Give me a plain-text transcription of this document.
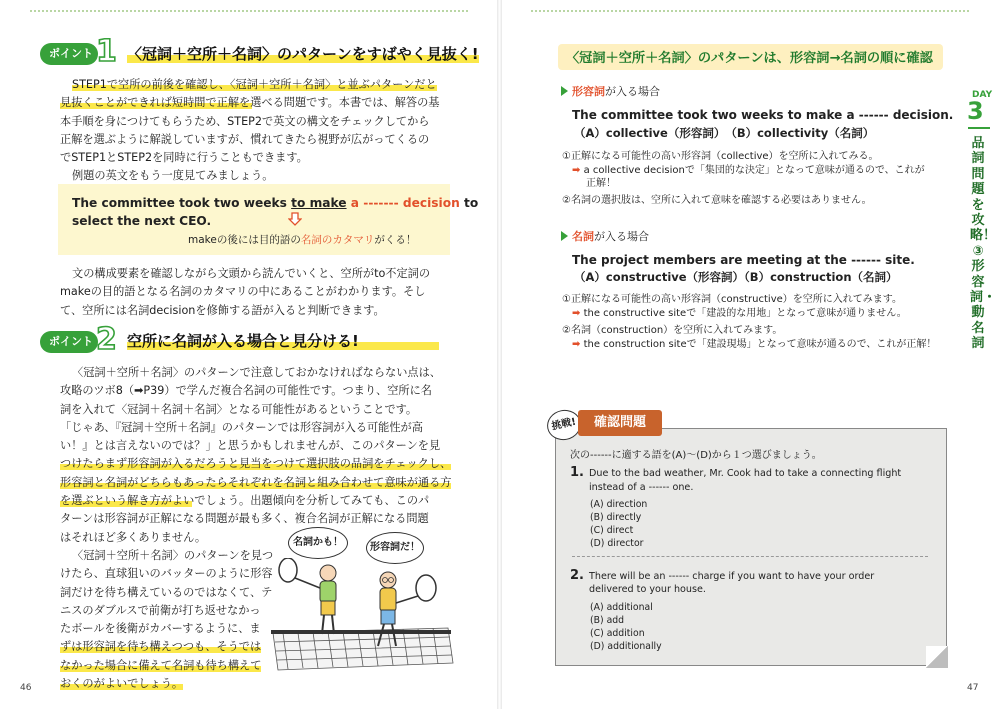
ポイント 1 〈冠詞＋空所＋名詞〉のパターンをすばやく見抜く!

STEP1で空所の前後を確認し、〈冠詞＋空所＋名詞〉と並ぶパターンだと

見抜くことができれば短時間で正解を選べる問題です。本書では、解答の基

本手順を身につけてもらうため、STEP2で英文の構文をチェックしてから

正解を選ぶように解説していますが、慣れてきたら視野が広がってくるの

でSTEP1とSTEP2を同時に行うこともできます。

例題の英文をもう一度見てみましょう。

The committee took two weeks to make a ------- decision to
select the next CEO.
makeの後には目的語の名詞のカタマリがくる！

文の構成要素を確認しながら文頭から読んでいくと、空所がto不定詞の

makeの目的語となる名詞のカタマリの中にあることがわかります。そし

て、空所には名詞decisionを修飾する語が入ると判断できます。

ポイント 2 空所に名詞が入る場合と見分ける!

〈冠詞＋空所＋名詞〉のパターンで注意しておかなければならない点は、

攻略のツボ8（➡P39）で学んだ複合名詞の可能性です。つまり、空所に名

詞を入れて〈冠詞＋名詞＋名詞〉となる可能性があるということです。

「じゃあ、『冠詞＋空所＋名詞』のパターンでは形容詞が入る可能性が高

い！』とは言えないのでは？」と思うかもしれませんが、このパターンを見

つけたらまず形容詞が入るだろうと見当をつけて選択肢の品詞をチェックし、

形容詞と名詞がどちらもあったらそれぞれを名詞と組み合わせて意味が通る方

を選ぶという解き方がよいでしょう。出題傾向を分析してみても、このパ

ターンは形容詞が正解になる問題が最も多く、複合名詞が正解になる問題

はそれほど多くありません。

〈冠詞＋空所＋名詞〉のパターンを見つ

けたら、直球狙いのバッターのように形容

詞だけを待ち構えているのではなくて、テ

ニスのダブルスで前衛が打ち返せなかっ

たボールを後衛がカバーするように、ま

ずは形容詞を待ち構えつつも、そうでは

なかった場合に備えて名詞も待ち構えて

おくのがよいでしょう。

名詞かも！	形容詞だ！
46
〈冠詞＋空所＋名詞〉のパターンは、形容詞→名詞の順に確認
形容詞が入る場合
The committee took two weeks to make a ------ decision.
（A）collective（形容詞）　（B）collectivity（名詞）
①正解になる可能性の高い形容詞（collective）を空所に入れてみる。
➡ a collective decisionで「集団的な決定」となって意味が通るので、これが
正解！
②名詞の選択肢は、空所に入れて意味を確認する必要はありません。
名詞が入る場合
The project members are meeting at the ------ site.
（A）constructive（形容詞）（B）construction（名詞）
①正解になる可能性の高い形容詞（constructive）を空所に入れてみます。
➡ the constructive siteで「建設的な用地」となって意味が通りません。
②名詞（construction）を空所に入れてみます。
➡ the construction siteで「建設現場」となって意味が通るので、これが正解！
DAY
3
品詞問題を攻略！③形容詞・動名詞
挑戦!	確認問題
次の------に適する語を(A)〜(D)から１つ選びましょう。
1. Due to the bad weather, Mr. Cook had to take a connecting flight
instead of a ------ one.
(A) direction
(B) directly
(C) direct
(D) director
2. There will be an ------ charge if you want to have your order
delivered to your house.
(A) additional
(B) add
(C) addition
(D) additionally
47
